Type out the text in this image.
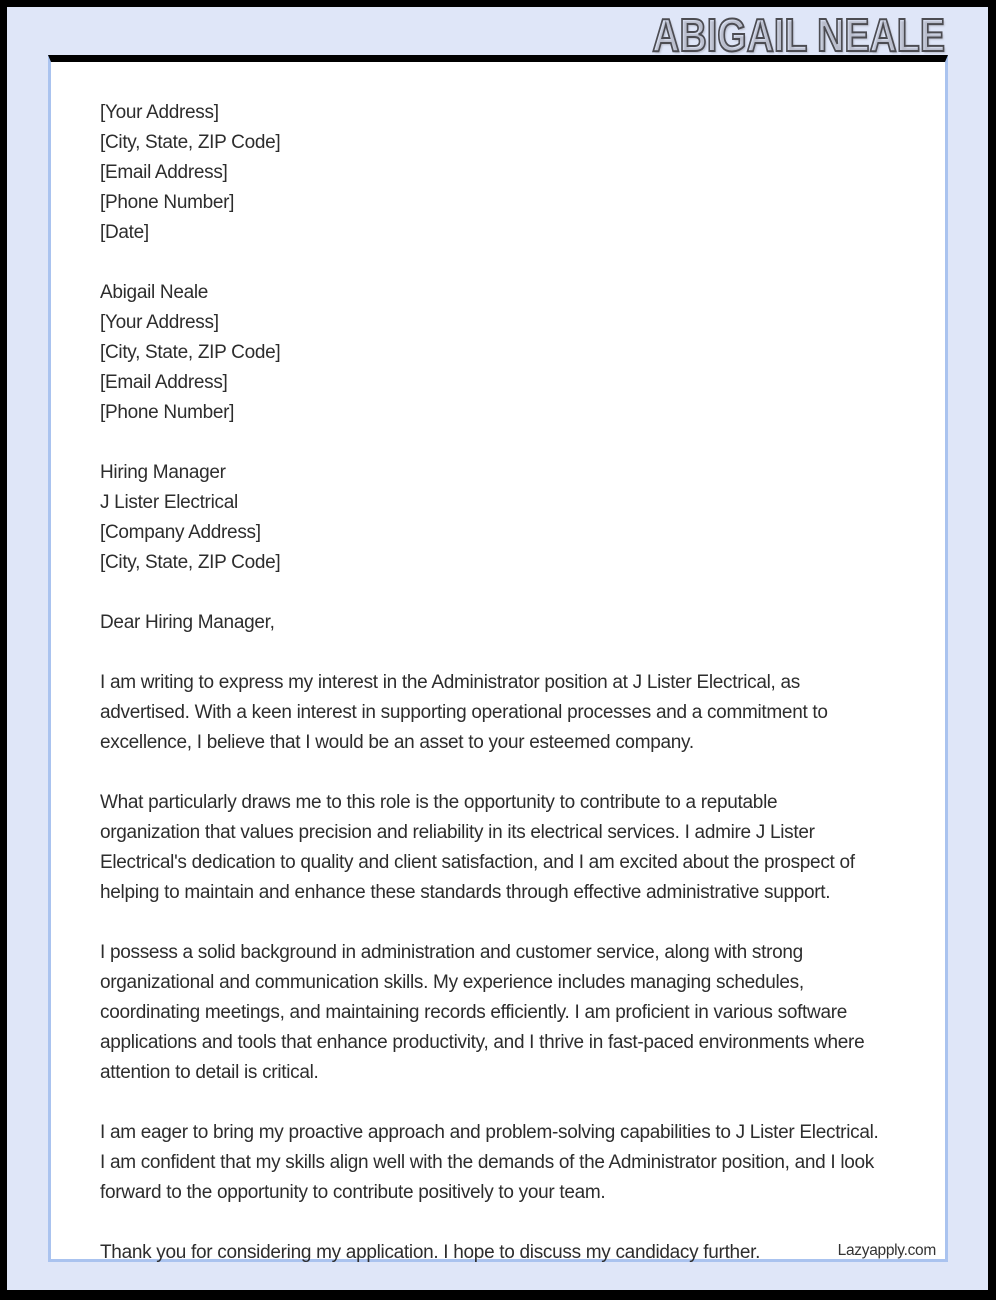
ABIGAIL NEALE

[Your Address]

[City, State, ZIP Code]

[Email Address]

[Phone Number]

[Date]

Abigail Neale

[Your Address]

[City, State, ZIP Code]

[Email Address]

[Phone Number]

Hiring Manager

J Lister Electrical

[Company Address]

[City, State, ZIP Code]

Dear Hiring Manager,

I am writing to express my interest in the Administrator position at J Lister Electrical, as advertised. With a keen interest in supporting operational processes and a commitment to excellence, I believe that I would be an asset to your esteemed company.

What particularly draws me to this role is the opportunity to contribute to a reputable organization that values precision and reliability in its electrical services. I admire J Lister Electrical's dedication to quality and client satisfaction, and I am excited about the prospect of helping to maintain and enhance these standards through effective administrative support.

I possess a solid background in administration and customer service, along with strong organizational and communication skills. My experience includes managing schedules, coordinating meetings, and maintaining records efficiently. I am proficient in various software applications and tools that enhance productivity, and I thrive in fast-paced environments where attention to detail is critical.

I am eager to bring my proactive approach and problem-solving capabilities to J Lister Electrical. I am confident that my skills align well with the demands of the Administrator position, and I look forward to the opportunity to contribute positively to your team.

Thank you for considering my application. I hope to discuss my candidacy further.	Lazyapply.com
